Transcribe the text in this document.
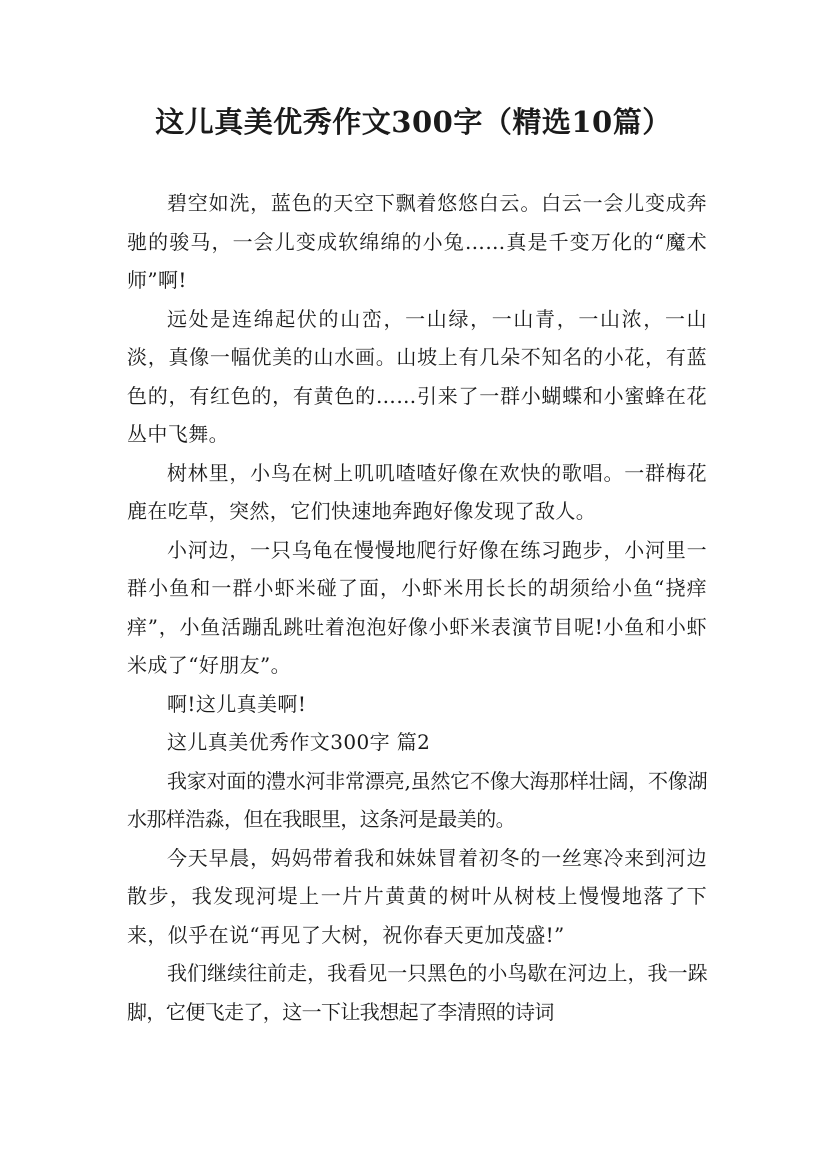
这儿真美优秀作文300字（精选10篇）

碧空如洗，蓝色的天空下飘着悠悠白云。白云一会儿变成奔驰的骏马，一会儿变成软绵绵的小兔……真是千变万化的“魔术师”啊!

远处是连绵起伏的山峦，一山绿，一山青，一山浓，一山淡，真像一幅优美的山水画。山坡上有几朵不知名的小花，有蓝色的，有红色的，有黄色的……引来了一群小蝴蝶和小蜜蜂在花丛中飞舞。

树林里，小鸟在树上叽叽喳喳好像在欢快的歌唱。一群梅花鹿在吃草，突然，它们快速地奔跑好像发现了敌人。

小河边，一只乌龟在慢慢地爬行好像在练习跑步，小河里一群小鱼和一群小虾米碰了面，小虾米用长长的胡须给小鱼“挠痒痒”，小鱼活蹦乱跳吐着泡泡好像小虾米表演节目呢!小鱼和小虾米成了“好朋友”。

啊!这儿真美啊!

这儿真美优秀作文300字 篇2

我家对面的澧水河非常漂亮,虽然它不像大海那样壮阔，不像湖水那样浩淼，但在我眼里，这条河是最美的。

今天早晨，妈妈带着我和妹妹冒着初冬的一丝寒冷来到河边散步，我发现河堤上一片片黄黄的树叶从树枝上慢慢地落了下来，似乎在说“再见了大树，祝你春天更加茂盛!”

我们继续往前走，我看见一只黑色的小鸟歇在河边上，我一跺脚，它便飞走了，这一下让我想起了李清照的诗词
